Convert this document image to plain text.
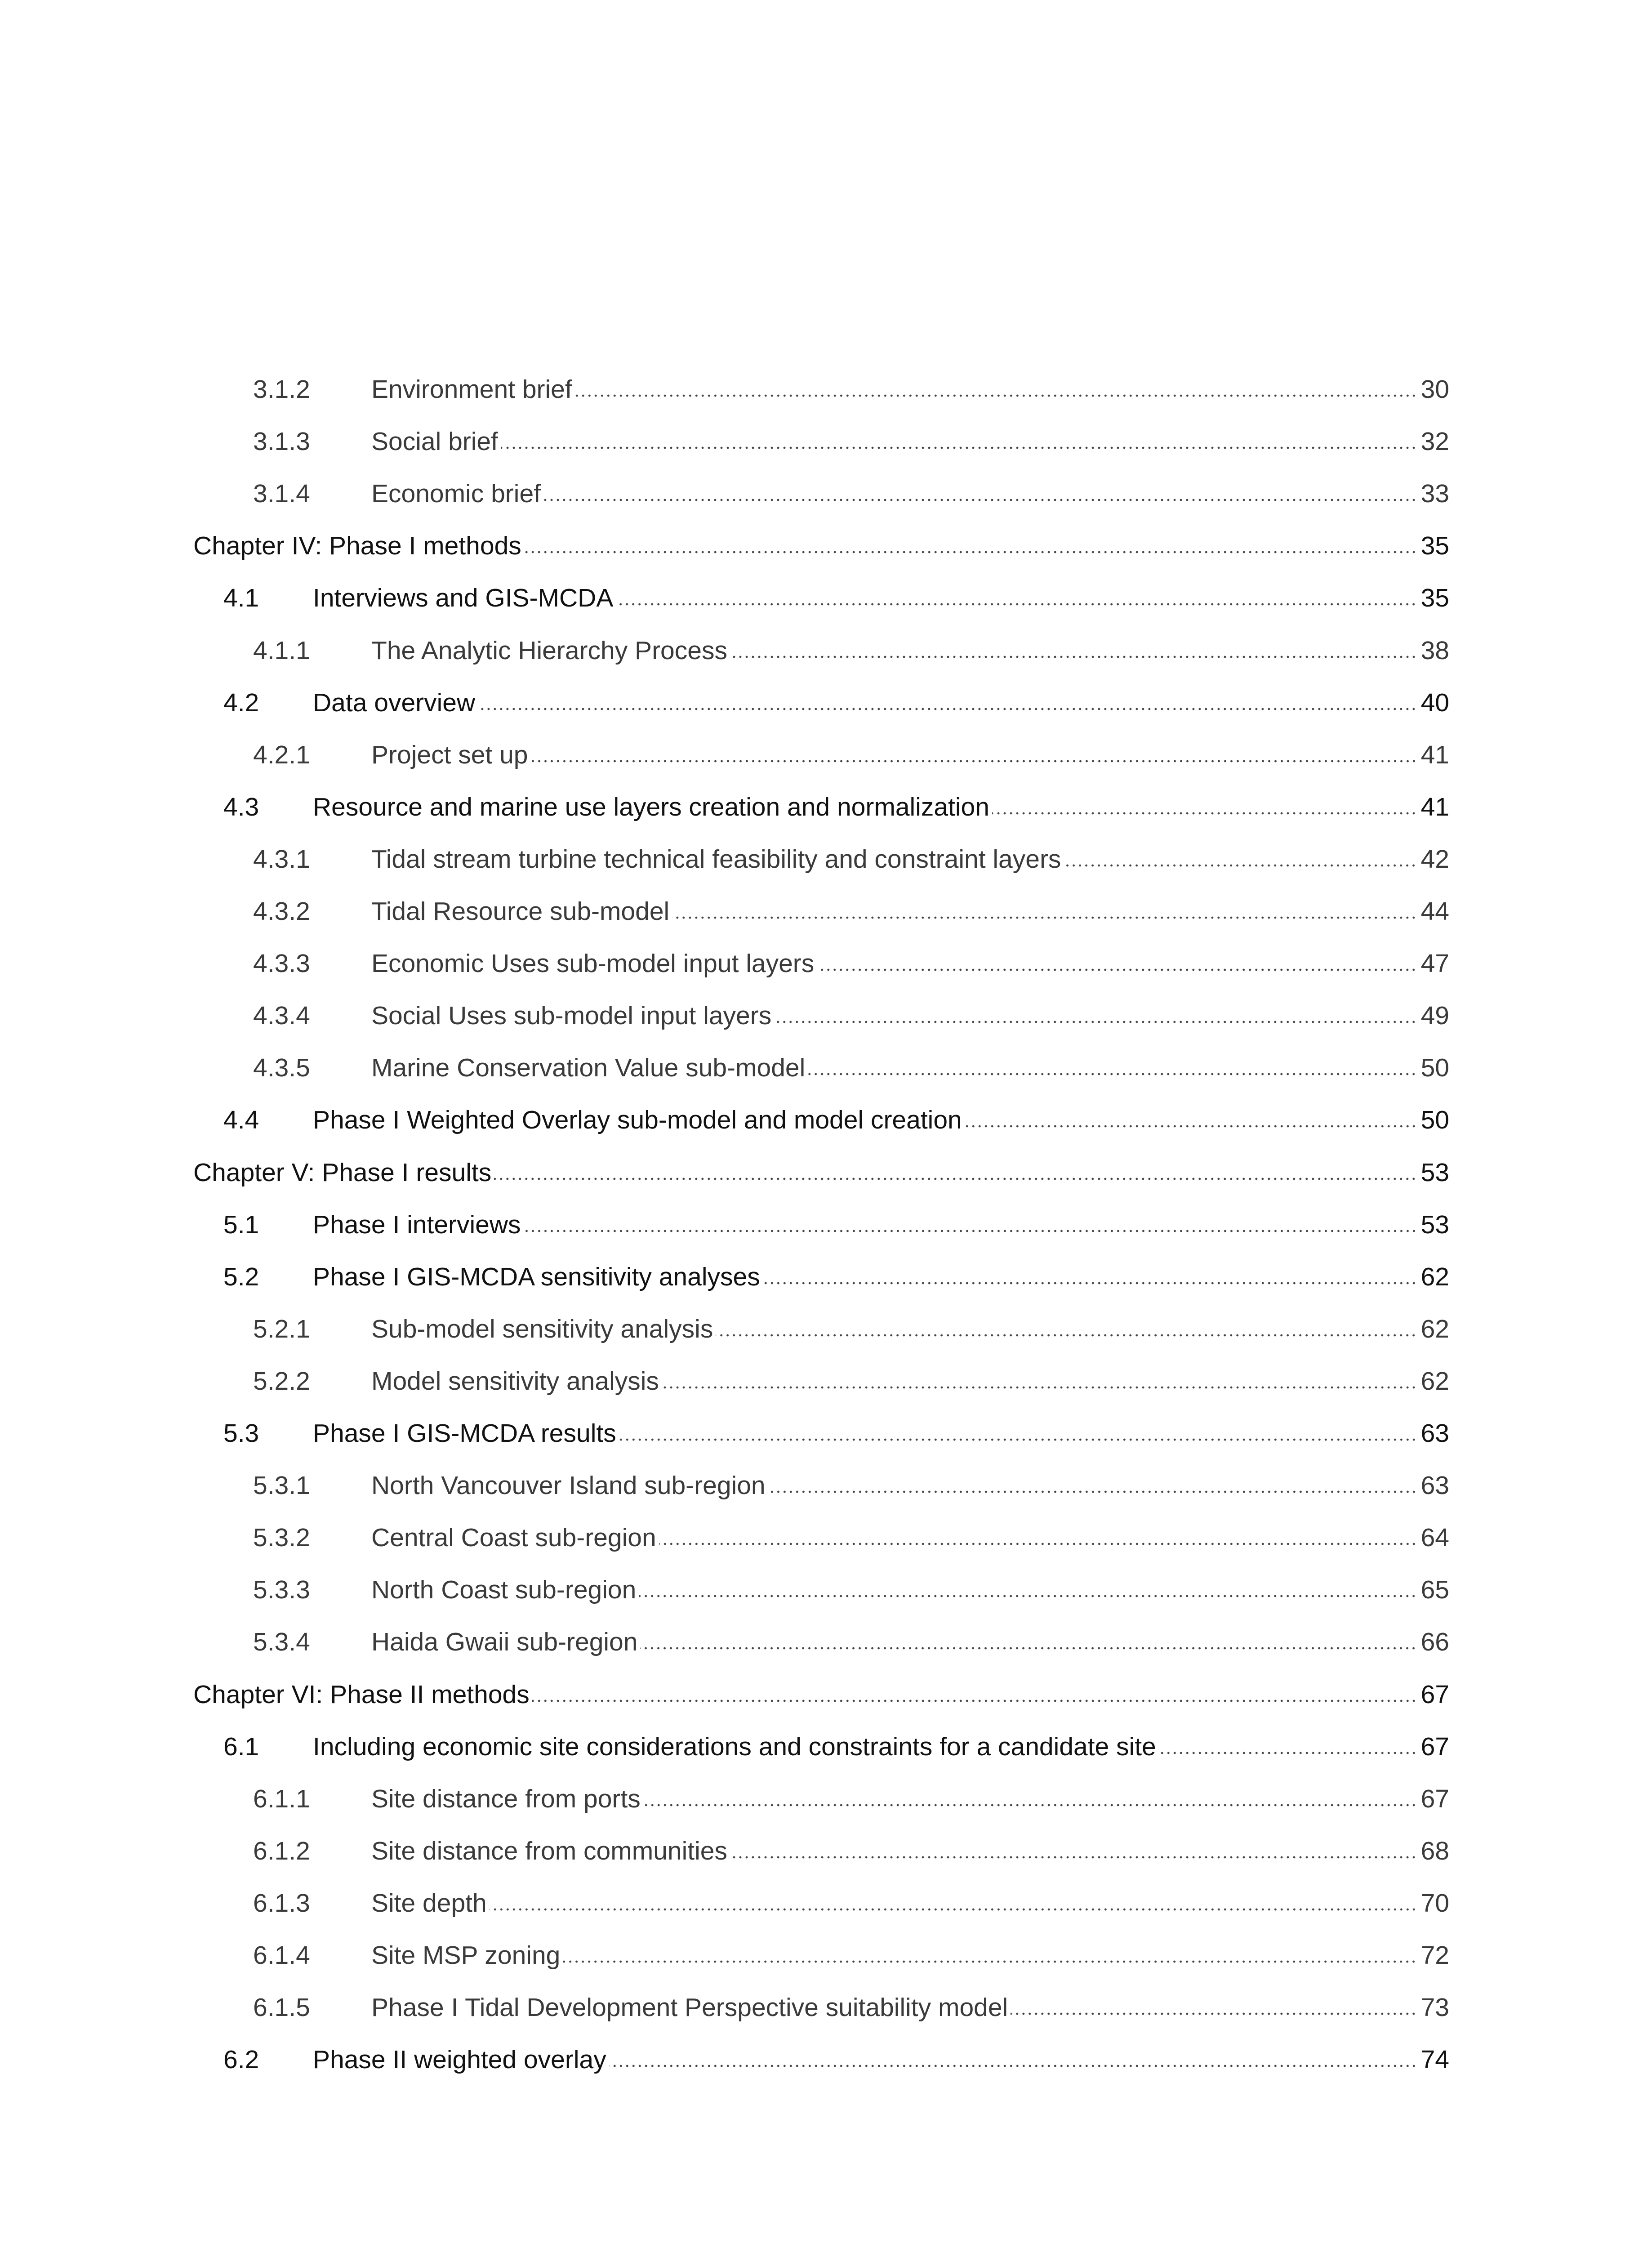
3.1.2	Environment brief	30
3.1.3	Social brief	32
3.1.4	Economic brief	33
Chapter IV: Phase I methods	35
4.1	Interviews and GIS-MCDA	35
4.1.1	The Analytic Hierarchy Process	38
4.2	Data overview	40
4.2.1	Project set up	41
4.3	Resource and marine use layers creation and normalization	41
4.3.1	Tidal stream turbine technical feasibility and constraint layers	42
4.3.2	Tidal Resource sub-model	44
4.3.3	Economic Uses sub-model input layers	47
4.3.4	Social Uses sub-model input layers	49
4.3.5	Marine Conservation Value sub-model	50
4.4	Phase I Weighted Overlay sub-model and model creation	50
Chapter V: Phase I results	53
5.1	Phase I interviews	53
5.2	Phase I GIS-MCDA sensitivity analyses	62
5.2.1	Sub-model sensitivity analysis	62
5.2.2	Model sensitivity analysis	62
5.3	Phase I GIS-MCDA results	63
5.3.1	North Vancouver Island sub-region	63
5.3.2	Central Coast sub-region	64
5.3.3	North Coast sub-region	65
5.3.4	Haida Gwaii sub-region	66
Chapter VI: Phase II methods	67
6.1	Including economic site considerations and constraints for a candidate site	67
6.1.1	Site distance from ports	67
6.1.2	Site distance from communities	68
6.1.3	Site depth	70
6.1.4	Site MSP zoning	72
6.1.5	Phase I Tidal Development Perspective suitability model	73
6.2	Phase II weighted overlay	74
